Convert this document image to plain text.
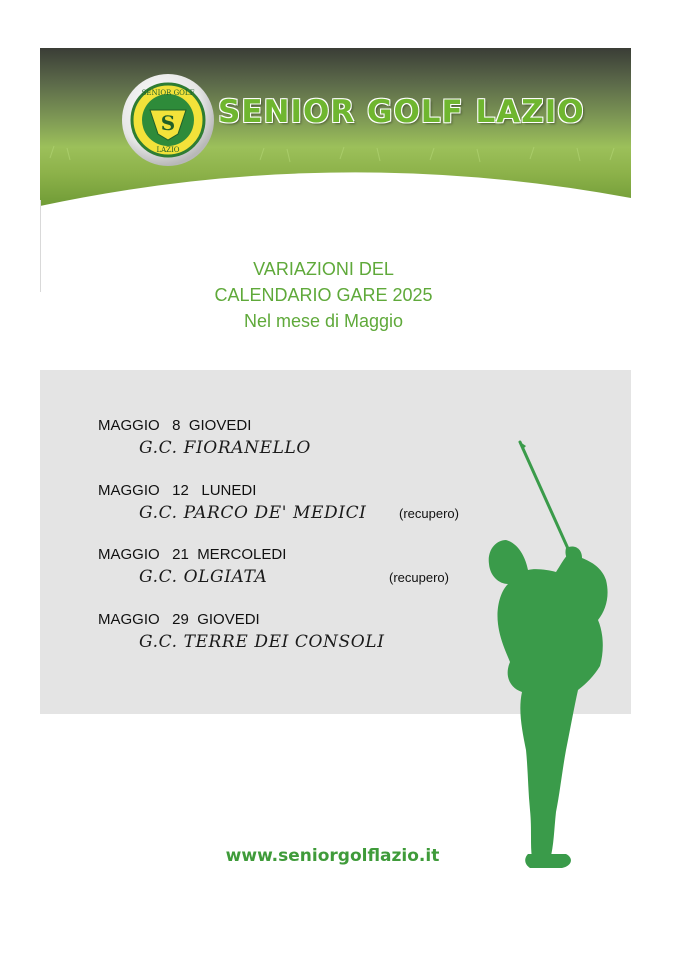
S
SENIOR GOLF
LAZIO
SENIOR GOLF LAZIO
VARIAZIONI DEL
CALENDARIO GARE 2025
Nel mese di Maggio
MAGGIO   8  GIOVEDI
G.C. FIORANELLO
MAGGIO   12   LUNEDI
G.C. PARCO DE' MEDICI	(recupero)
MAGGIO   21  MERCOLEDI
G.C. OLGIATA	(recupero)
MAGGIO   29  GIOVEDI
G.C. TERRE DEI CONSOLI
www.seniorgolflazio.it
